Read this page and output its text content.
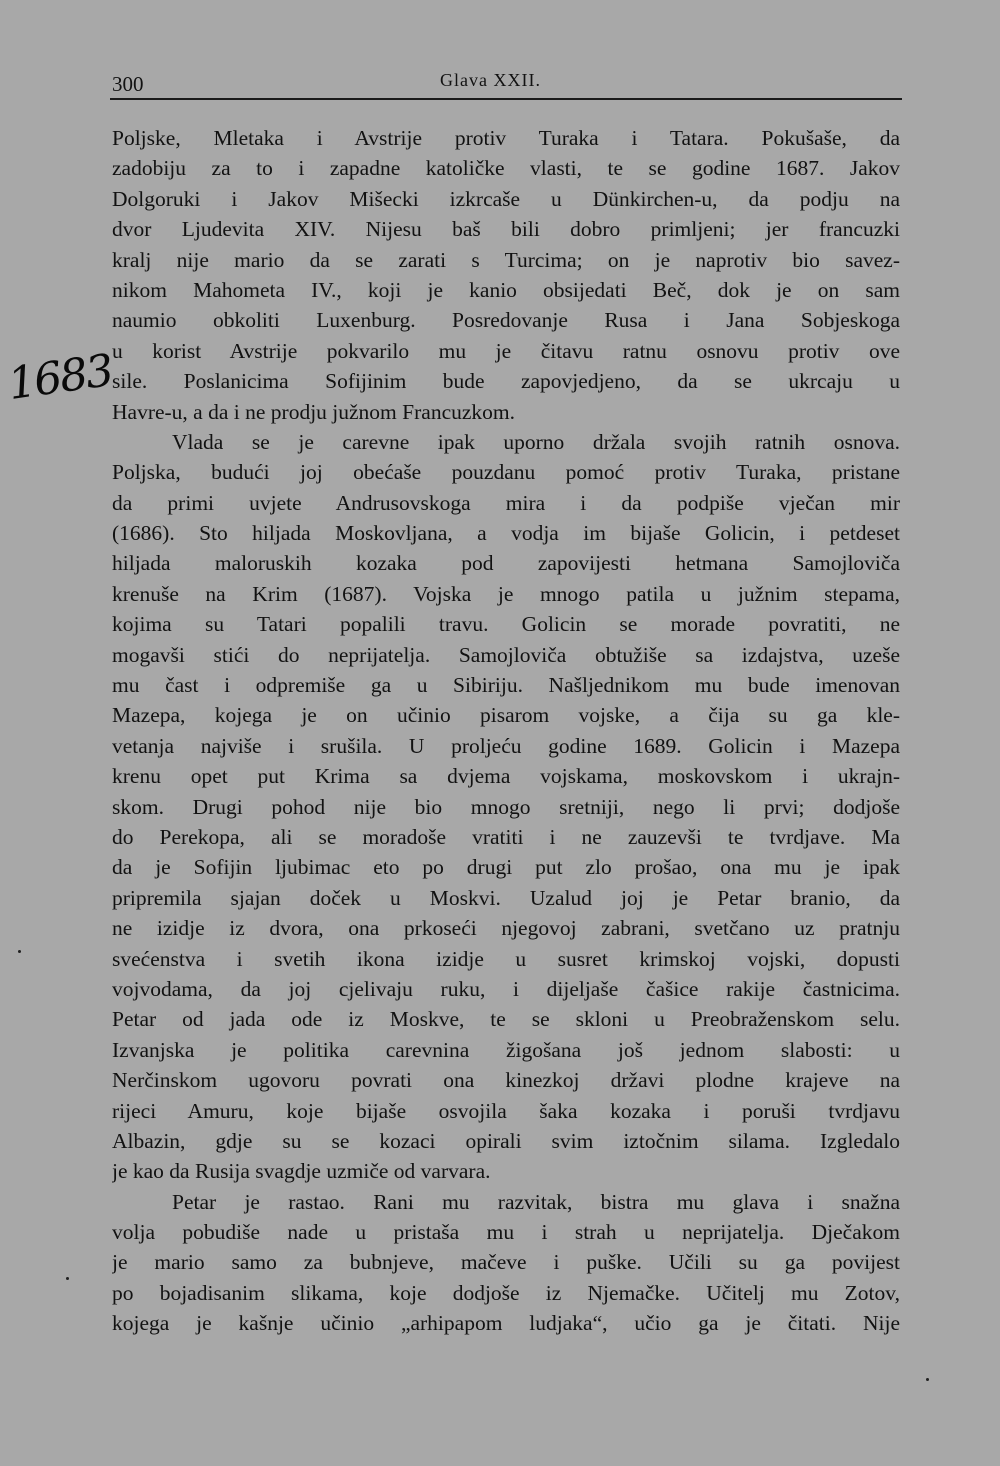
300	Glava XXII.
1683
Poljske, Mletaka i Avstrije protiv Turaka i Tatara. Pokušaše, da
zadobiju za to i zapadne katoličke vlasti, te se godine 1687. Jakov
Dolgoruki i Jakov Mišecki izkrcaše u Dünkirchen-u, da podju na
dvor Ljudevita XIV. Nijesu baš bili dobro primljeni; jer francuzki
kralj nije mario da se zarati s Turcima; on je naprotiv bio savez-
nikom Mahometa IV., koji je kanio obsijedati Beč, dok je on sam
naumio obkoliti Luxenburg. Posredovanje Rusa i Jana Sobjeskoga
u korist Avstrije pokvarilo mu je čitavu ratnu osnovu protiv ove
sile. Poslanicima Sofijinim bude zapovjedjeno, da se ukrcaju u
Havre-u, a da i ne prodju južnom Francuzkom.
Vlada se je carevne ipak uporno držala svojih ratnih osnova.
Poljska, budući joj obećaše pouzdanu pomoć protiv Turaka, pristane
da primi uvjete Andrusovskoga mira i da podpiše vječan mir
(1686). Sto hiljada Moskovljana, a vodja im bijaše Golicin, i petdeset
hiljada maloruskih kozaka pod zapovijesti hetmana Samojloviča
krenuše na Krim (1687). Vojska je mnogo patila u južnim stepama,
kojima su Tatari popalili travu. Golicin se morade povratiti, ne
mogavši stići do neprijatelja. Samojloviča obtužiše sa izdajstva, uzeše
mu čast i odpremiše ga u Sibiriju. Našljednikom mu bude imenovan
Mazepa, kojega je on učinio pisarom vojske, a čija su ga kle-
vetanja najviše i srušila. U proljeću godine 1689. Golicin i Mazepa
krenu opet put Krima sa dvjema vojskama, moskovskom i ukrajn-
skom. Drugi pohod nije bio mnogo sretniji, nego li prvi; dodjoše
do Perekopa, ali se moradoše vratiti i ne zauzevši te tvrdjave. Ma
da je Sofijin ljubimac eto po drugi put zlo prošao, ona mu je ipak
pripremila sjajan doček u Moskvi. Uzalud joj je Petar branio, da
ne izidje iz dvora, ona prkoseći njegovoj zabrani, svetčano uz pratnju
svećenstva i svetih ikona izidje u susret krimskoj vojski, dopusti
vojvodama, da joj cjelivaju ruku, i dijeljaše čašice rakije častnicima.
Petar od jada ode iz Moskve, te se skloni u Preobraženskom selu.
Izvanjska je politika carevnina žigošana još jednom slabosti: u
Nerčinskom ugovoru povrati ona kinezkoj državi plodne krajeve na
rijeci Amuru, koje bijaše osvojila šaka kozaka i poruši tvrdjavu
Albazin, gdje su se kozaci opirali svim iztočnim silama. Izgledalo
je kao da Rusija svagdje uzmiče od varvara.
Petar je rastao. Rani mu razvitak, bistra mu glava i snažna
volja pobudiše nade u pristaša mu i strah u neprijatelja. Dječakom
je mario samo za bubnjeve, mačeve i puške. Učili su ga povijest
po bojadisanim slikama, koje dodjoše iz Njemačke. Učitelj mu Zotov,
kojega je kašnje učinio „arhipapom ludjaka“, učio ga je čitati. Nije
